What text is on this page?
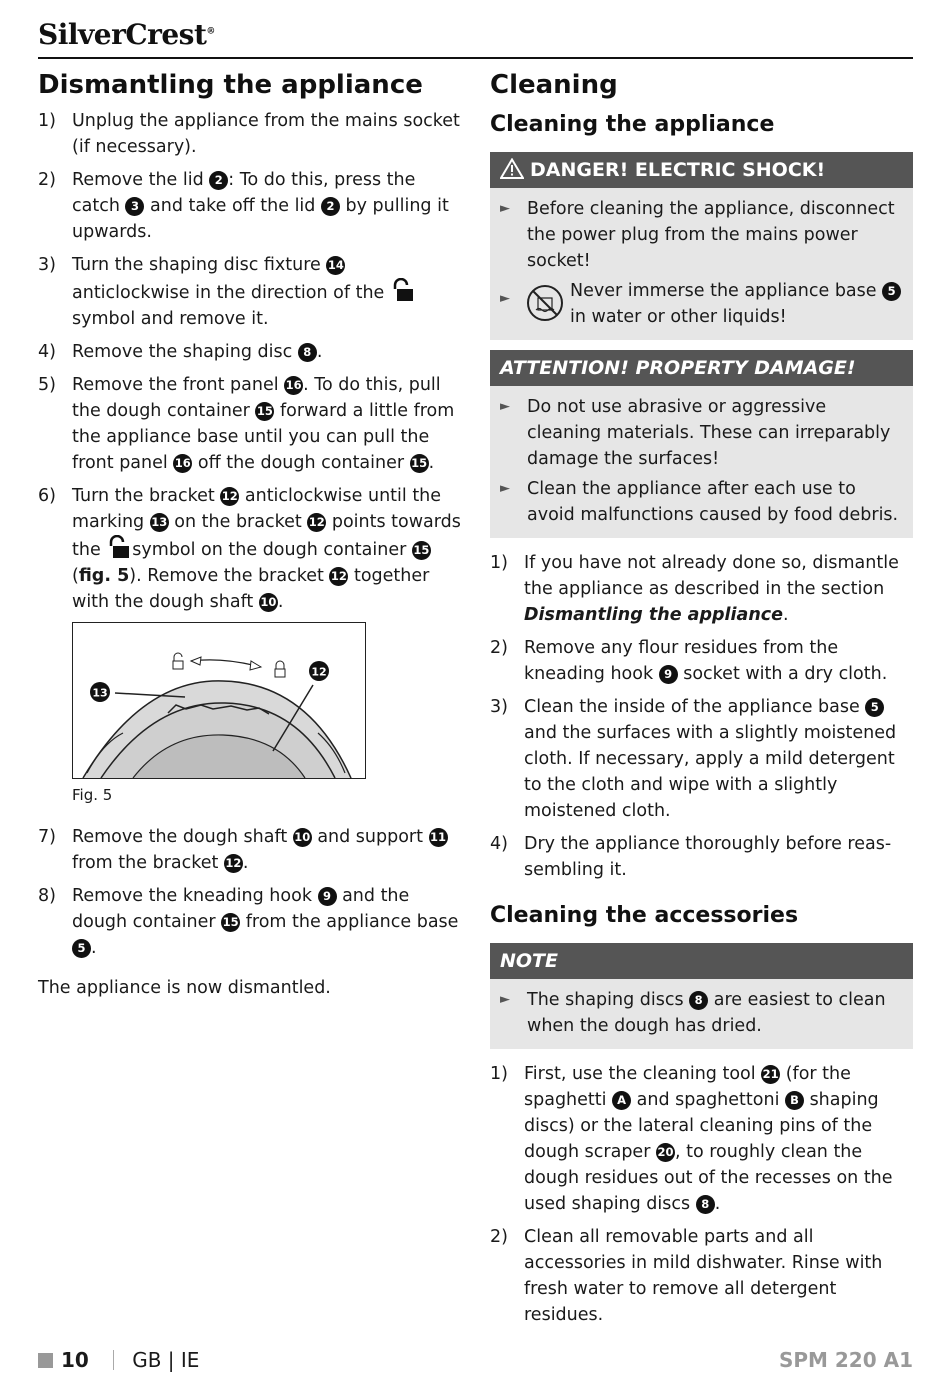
SilverCrest®
Dismantling the appliance
1) Unplug the appliance from the mains socket (if necessary).
2) Remove the lid 2 : To do this, press the catch 3 and take off the lid 2 by pulling it upwards.
3) Turn the shaping disc fixture 14 anticlockwise in the direction of the symbol and remove it.
4) Remove the shaping disc 8 .
5) Remove the front panel 16. To do this, pull the dough container 15 forward a little from the appliance base until you can pull the front panel 16 off the dough container 15.
6) Turn the bracket 12 anticlockwise until the marking 13 on the bracket 12 points towards the symbol on the dough container 15 (fig. 5). Remove the bracket 12 together with the dough shaft 10.
13
12
Fig. 5
7) Remove the dough shaft 10 and support 11 from the bracket 12.
8) Remove the kneading hook 9 and the dough container 15 from the appliance base 5 .
The appliance is now dismantled.
Cleaning
Cleaning the appliance
DANGER! ELECTRIC SHOCK!
► Before cleaning the appliance, disconnect the power plug from the mains power socket!
►	Never immerse the appliance base 5 in water or other liquids!
ATTENTION! PROPERTY DAMAGE!
► Do not use abrasive or aggressive cleaning materials. These can irreparably damage the surfaces!
► Clean the appliance after each use to avoid malfunctions caused by food debris.
1) If you have not already done so, dismantle the appliance as described in the section Dismantling the appliance.
2) Remove any flour residues from the kneading hook 9 socket with a dry cloth.
3) Clean the inside of the appliance base 5 and the surfaces with a slightly moistened cloth. If necessary, apply a mild detergent to the cloth and wipe with a slightly moistened cloth.
4) Dry the appliance thoroughly before reas-sembling it.
Cleaning the accessories
NOTE
► The shaping discs 8 are easiest to clean when the dough has dried.
1) First, use the cleaning tool 21 (for the spaghetti A and spaghettoni B shaping discs) or the lateral cleaning pins of the dough scraper 20, to roughly clean the dough residues out of the recesses on the used shaping discs 8 .
2) Clean all removable parts and all accessories in mild dishwater. Rinse with fresh water to remove all detergent residues.
10 GB | IE	SPM 220 A1
